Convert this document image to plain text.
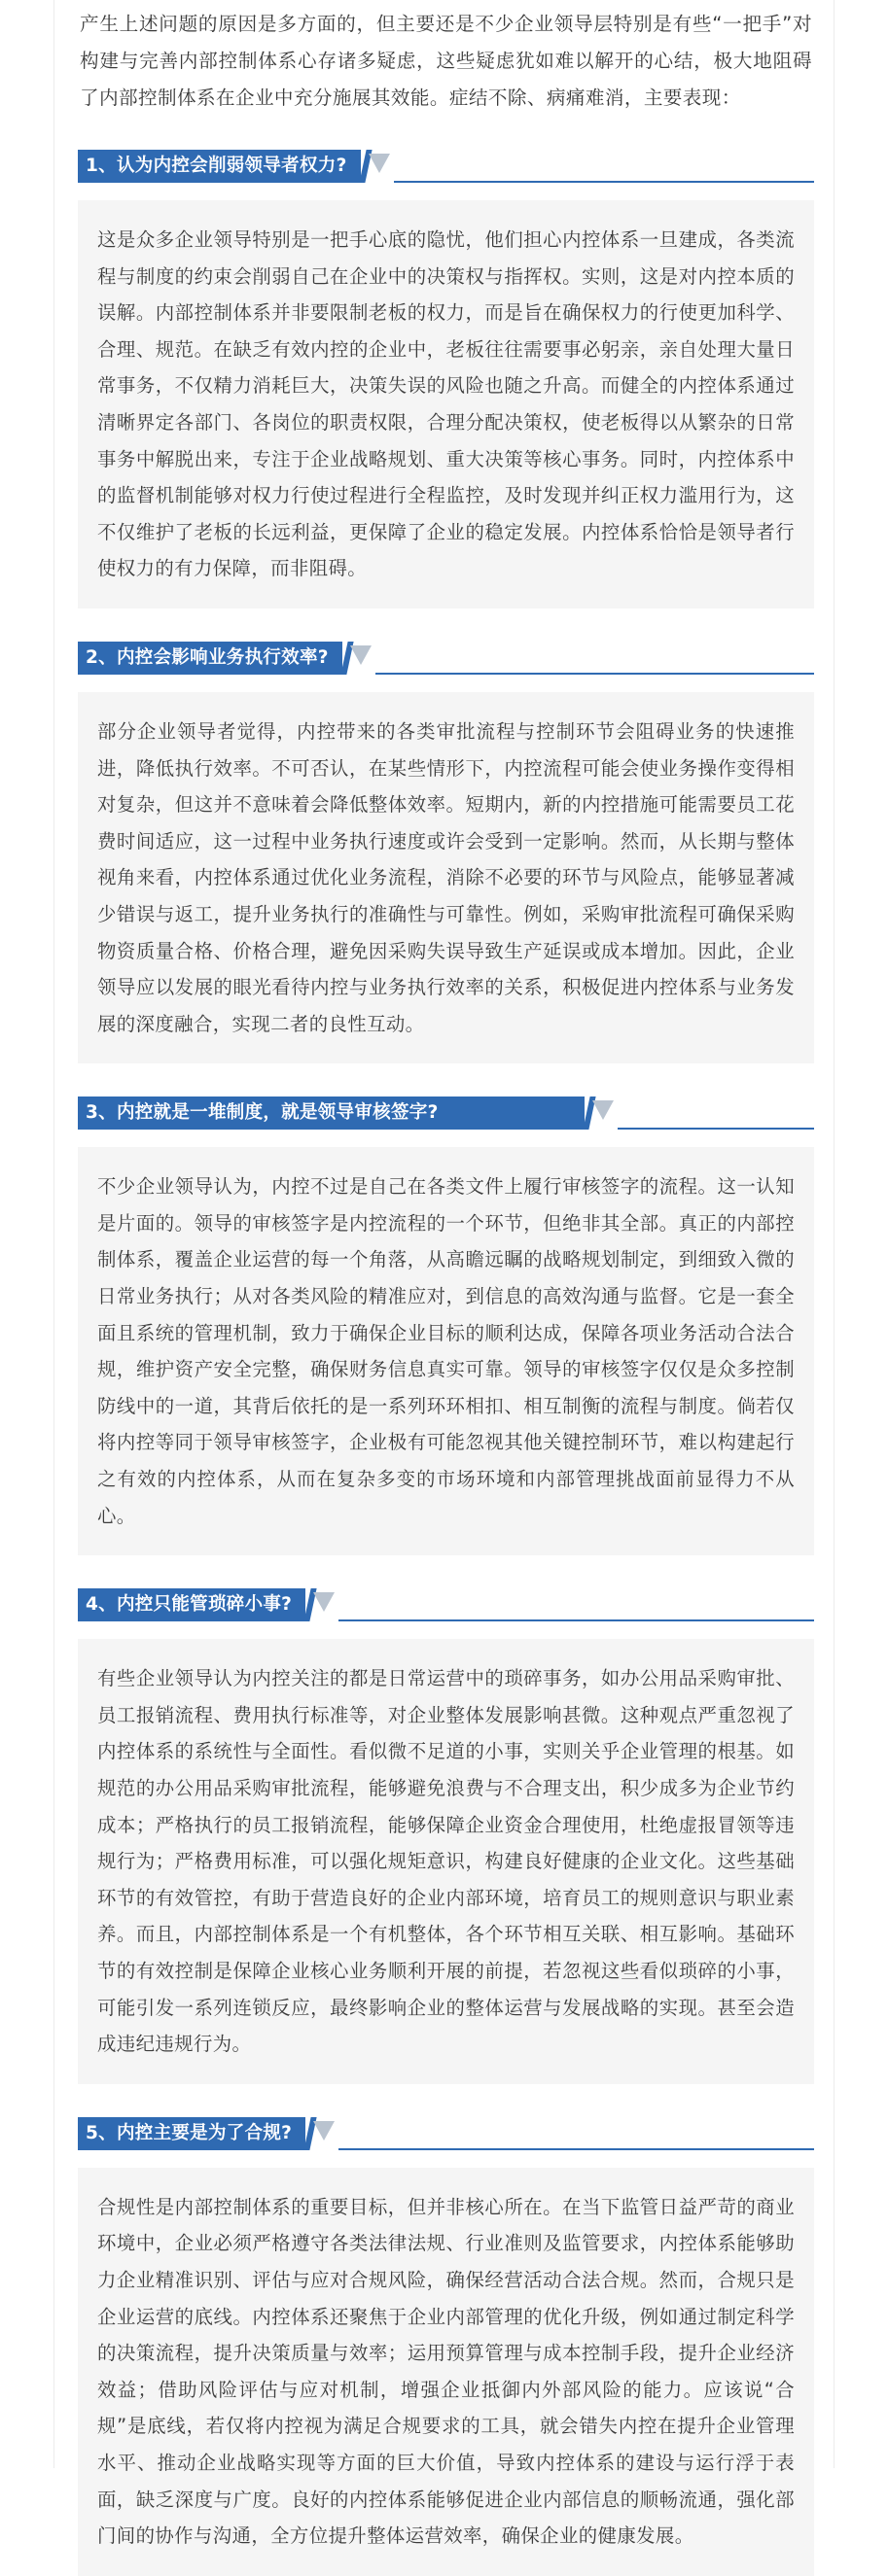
产生上述问题的原因是多方面的，但主要还是不少企业领导层特别是有些“一把手”对构建与完善内部控制体系心存诸多疑虑，这些疑虑犹如难以解开的心结，极大地阻碍了内部控制体系在企业中充分施展其效能。症结不除、病痛难消，主要表现：

1、认为内控会削弱领导者权力?
这是众多企业领导特别是一把手心底的隐忧，他们担心内控体系一旦建成，各类流程与制度的约束会削弱自己在企业中的决策权与指挥权。实则，这是对内控本质的误解。内部控制体系并非要限制老板的权力，而是旨在确保权力的行使更加科学、合理、规范。在缺乏有效内控的企业中，老板往往需要事必躬亲，亲自处理大量日常事务，不仅精力消耗巨大，决策失误的风险也随之升高。而健全的内控体系通过清晰界定各部门、各岗位的职责权限，合理分配决策权，使老板得以从繁杂的日常事务中解脱出来，专注于企业战略规划、重大决策等核心事务。同时，内控体系中的监督机制能够对权力行使过程进行全程监控，及时发现并纠正权力滥用行为，这不仅维护了老板的长远利益，更保障了企业的稳定发展。内控体系恰恰是领导者行使权力的有力保障，而非阻碍。
2、内控会影响业务执行效率?
部分企业领导者觉得，内控带来的各类审批流程与控制环节会阻碍业务的快速推进，降低执行效率。不可否认，在某些情形下，内控流程可能会使业务操作变得相对复杂，但这并不意味着会降低整体效率。短期内，新的内控措施可能需要员工花费时间适应，这一过程中业务执行速度或许会受到一定影响。然而，从长期与整体视角来看，内控体系通过优化业务流程，消除不必要的环节与风险点，能够显著减少错误与返工，提升业务执行的准确性与可靠性。例如，采购审批流程可确保采购物资质量合格、价格合理，避免因采购失误导致生产延误或成本增加。因此，企业领导应以发展的眼光看待内控与业务执行效率的关系，积极促进内控体系与业务发展的深度融合，实现二者的良性互动。
3、内控就是一堆制度，就是领导审核签字?
不少企业领导认为，内控不过是自己在各类文件上履行审核签字的流程。这一认知是片面的。领导的审核签字是内控流程的一个环节，但绝非其全部。真正的内部控制体系，覆盖企业运营的每一个角落，从高瞻远瞩的战略规划制定，到细致入微的日常业务执行；从对各类风险的精准应对，到信息的高效沟通与监督。它是一套全面且系统的管理机制，致力于确保企业目标的顺利达成，保障各项业务活动合法合规，维护资产安全完整，确保财务信息真实可靠。领导的审核签字仅仅是众多控制防线中的一道，其背后依托的是一系列环环相扣、相互制衡的流程与制度。倘若仅将内控等同于领导审核签字，企业极有可能忽视其他关键控制环节，难以构建起行之有效的内控体系，从而在复杂多变的市场环境和内部管理挑战面前显得力不从心。
4、内控只能管琐碎小事?
有些企业领导认为内控关注的都是日常运营中的琐碎事务，如办公用品采购审批、员工报销流程、费用执行标准等，对企业整体发展影响甚微。这种观点严重忽视了内控体系的系统性与全面性。看似微不足道的小事，实则关乎企业管理的根基。如规范的办公用品采购审批流程，能够避免浪费与不合理支出，积少成多为企业节约成本；严格执行的员工报销流程，能够保障企业资金合理使用，杜绝虚报冒领等违规行为；严格费用标准，可以强化规矩意识，构建良好健康的企业文化。这些基础环节的有效管控，有助于营造良好的企业内部环境，培育员工的规则意识与职业素养。而且，内部控制体系是一个有机整体，各个环节相互关联、相互影响。基础环节的有效控制是保障企业核心业务顺利开展的前提，若忽视这些看似琐碎的小事，可能引发一系列连锁反应，最终影响企业的整体运营与发展战略的实现。甚至会造成违纪违规行为。
5、内控主要是为了合规?
合规性是内部控制体系的重要目标，但并非核心所在。在当下监管日益严苛的商业环境中，企业必须严格遵守各类法律法规、行业准则及监管要求，内控体系能够助力企业精准识别、评估与应对合规风险，确保经营活动合法合规。然而，合规只是企业运营的底线。内控体系还聚焦于企业内部管理的优化升级，例如通过制定科学的决策流程，提升决策质量与效率；运用预算管理与成本控制手段，提升企业经济效益；借助风险评估与应对机制，增强企业抵御内外部风险的能力。应该说“合规”是底线，若仅将内控视为满足合规要求的工具，就会错失内控在提升企业管理水平、推动企业战略实现等方面的巨大价值，导致内控体系的建设与运行浮于表面，缺乏深度与广度。良好的内控体系能够促进企业内部信息的顺畅流通，强化部门间的协作与沟通，全方位提升整体运营效率，确保企业的健康发展。
